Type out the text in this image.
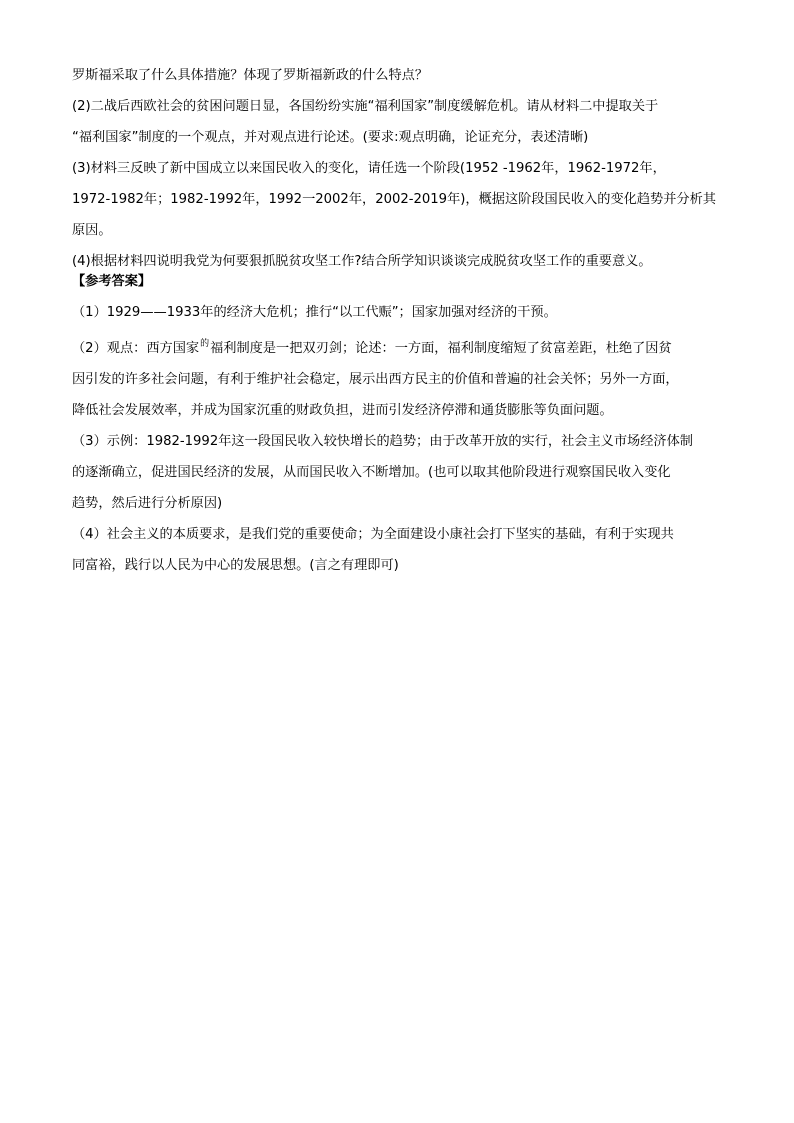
罗斯福采取了什么具体措施？体现了罗斯福新政的什么特点？

(2)二战后西欧社会的贫困问题日显，各国纷纷实施“福利国家”制度缓解危机。请从材料二中提取关于

“福利国家”制度的一个观点，并对观点进行论述。(要求:观点明确，论证充分，表述清晰)

(3)材料三反映了新中国成立以来国民收入的变化，请任选一个阶段(1952 -1962年，1962-1972年，

1972-1982年；1982-1992年，1992一2002年，2002-2019年)，概据这阶段国民收入的变化趋势并分析其

原因。

(4)根据材料四说明我党为何要狠抓脱贫攻坚工作?结合所学知识谈谈完成脱贫攻坚工作的重要意义。

【参考答案】

（1）1929——1933年的经济大危机；推行“以工代赈”；国家加强对经济的干预。

（2）观点：西方国家$^的$福利制度是一把双刃剑；论述：一方面，福利制度缩短了贫富差距，杜绝了因贫

因引发的许多社会问题，有利于维护社会稳定，展示出西方民主的价值和普遍的社会关怀；另外一方面，

降低社会发展效率，并成为国家沉重的财政负担，进而引发经济停滞和通货膨胀等负面问题。

（3）示例：1982-1992年这一段国民收入较快增长的趋势；由于改革开放的实行，社会主义市场经济体制

的逐渐确立，促进国民经济的发展，从而国民收入不断增加。(也可以取其他阶段进行观察国民收入变化

趋势，然后进行分析原因)

（4）社会主义的本质要求，是我们党的重要使命；为全面建设小康社会打下坚实的基础，有利于实现共

同富裕，践行以人民为中心的发展思想。(言之有理即可)
